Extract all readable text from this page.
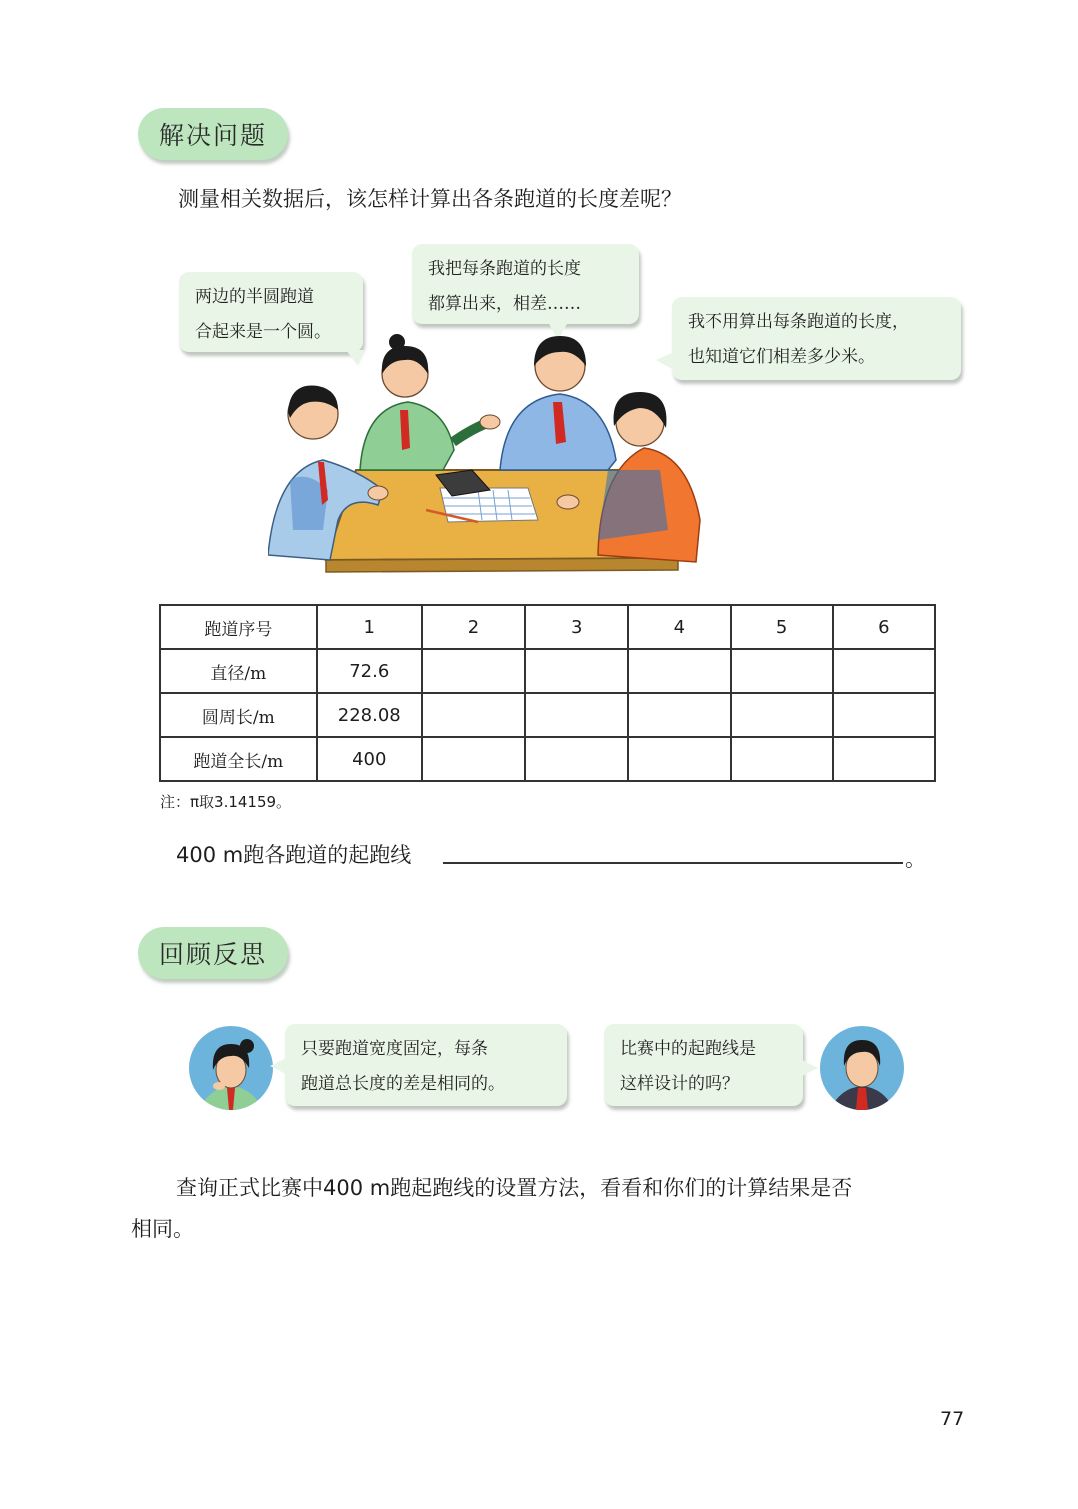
解决问题
测量相关数据后，该怎样计算出各条跑道的长度差呢？
两边的半圆跑道
合起来是一个圆。
我把每条跑道的长度
都算出来，相差……
我不用算出每条跑道的长度，
也知道它们相差多少米。
跑道序号	1	2	3	4	5	6
直径/m	72.6					
圆周长/m	228.08					
跑道全长/m	400					
注：π取3.14159。
400 m跑各跑道的起跑线	。
回顾反思
只要跑道宽度固定，每条
跑道总长度的差是相同的。
比赛中的起跑线是
这样设计的吗？
查询正式比赛中400 m跑起跑线的设置方法，看看和你们的计算结果是否
相同。
77
